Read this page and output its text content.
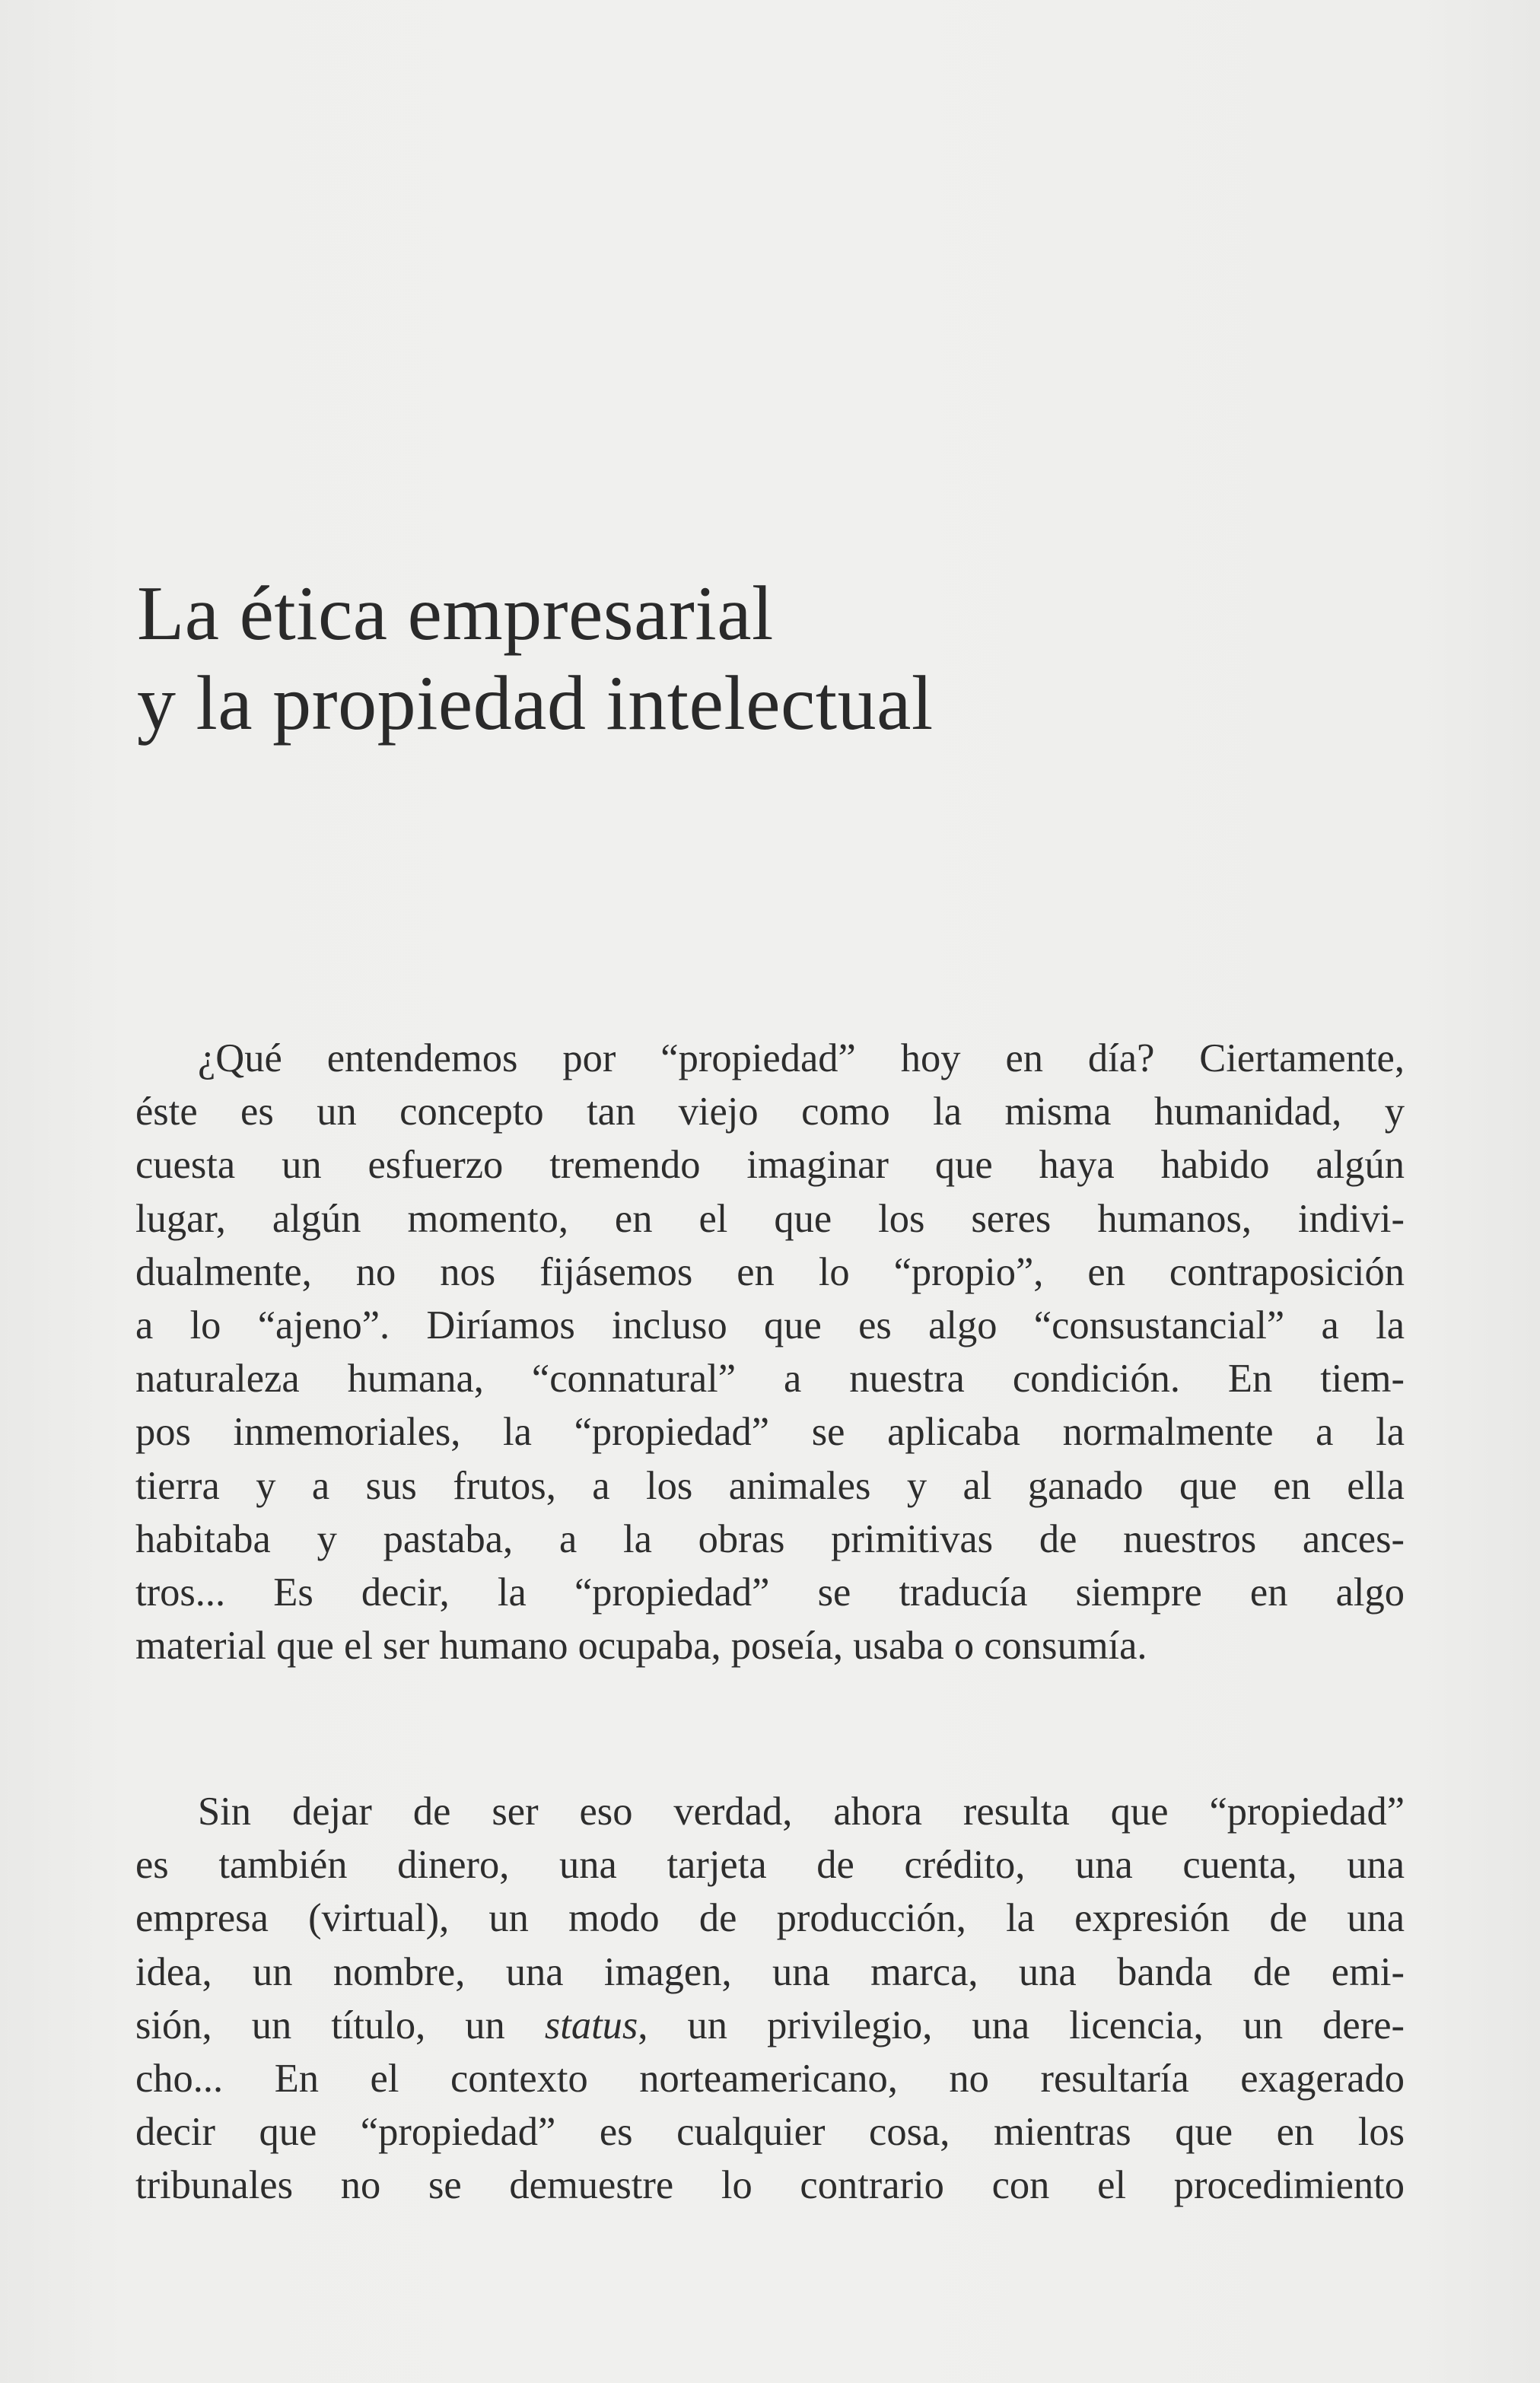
La ética empresarial
y la propiedad intelectual
¿Qué entendemos por “propiedad” hoy en día? Ciertamente,
éste es un concepto tan viejo como la misma humanidad, y
cuesta un esfuerzo tremendo imaginar que haya habido algún
lugar, algún momento, en el que los seres humanos, indivi-
dualmente, no nos fijásemos en lo “propio”, en contraposición
a lo “ajeno”. Diríamos incluso que es algo “consustancial” a la
naturaleza humana, “connatural” a nuestra condición. En tiem-
pos inmemoriales, la “propiedad” se aplicaba normalmente a la
tierra y a sus frutos, a los animales y al ganado que en ella
habitaba y pastaba, a la obras primitivas de nuestros ances-
tros... Es decir, la “propiedad” se traducía siempre en algo
material que el ser humano ocupaba, poseía, usaba o consumía.
Sin dejar de ser eso verdad, ahora resulta que “propiedad”
es también dinero, una tarjeta de crédito, una cuenta, una
empresa (virtual), un modo de producción, la expresión de una
idea, un nombre, una imagen, una marca, una banda de emi-
sión, un título, un status, un privilegio, una licencia, un dere-
cho... En el contexto norteamericano, no resultaría exagerado
decir que “propiedad” es cualquier cosa, mientras que en los
tribunales no se demuestre lo contrario con el procedimiento
